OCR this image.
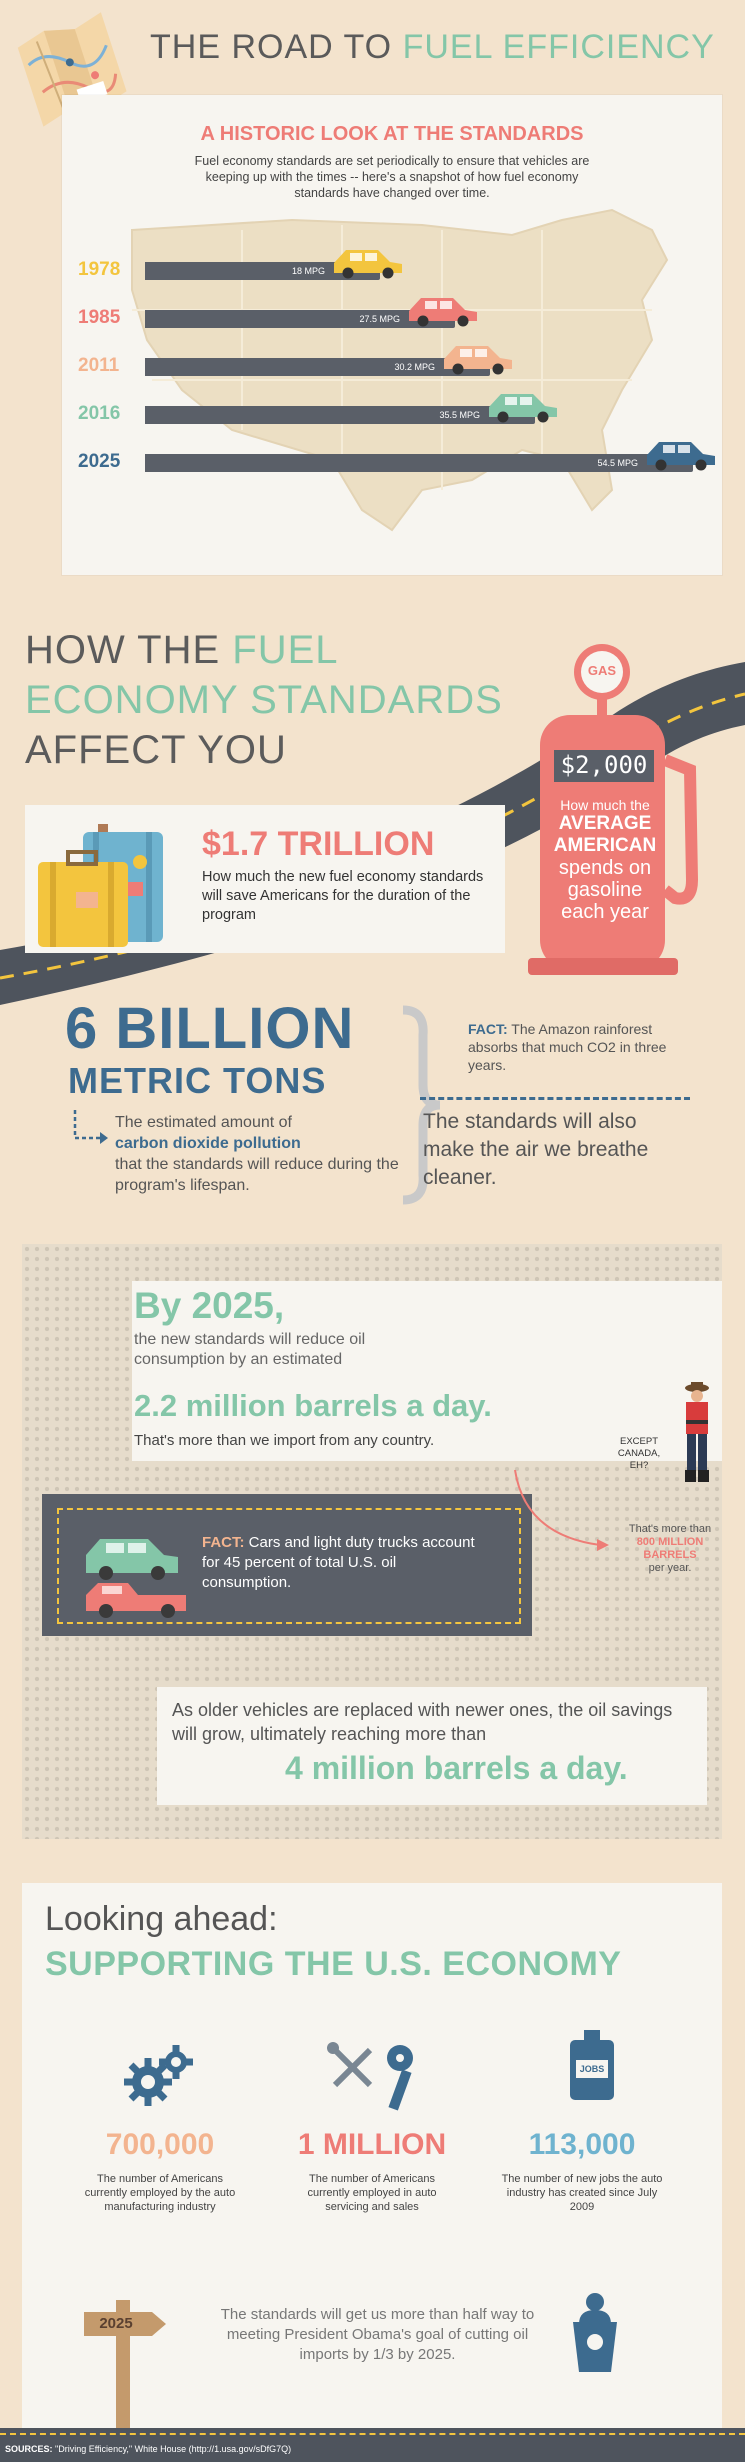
THE ROAD TO FUEL EFFICIENCY
A HISTORIC LOOK AT THE STANDARDS
Fuel economy standards are set periodically to ensure that vehicles are keeping up with the times -- here's a snapshot of how fuel economy standards have changed over time.
1978	18 MPG
1985	27.5 MPG
2011	30.2 MPG
2016	35.5 MPG
2025	54.5 MPG
HOW THE FUEL
ECONOMY STANDARDS
AFFECT YOU
$1.7 TRILLION
How much the new fuel economy standards will save Americans for the duration of the program
GAS
$2,000
How much the
AVERAGE
AMERICAN
spends on
gasoline
each year
6 BILLION
METRIC TONS
The estimated amount of
carbon dioxide pollution
that the standards will reduce during the program's lifespan.
FACT: The Amazon rainforest absorbs that much CO2 in three years.
The standards will also make the air we breathe cleaner.
By 2025,
the new standards will reduce oil consumption by an estimated
2.2 million barrels a day.
That's more than we import from any country.	EXCEPT CANADA, EH?
That's more than
800 MILLION BARRELS
per year.
FACT: Cars and light duty trucks account for 45 percent of total U.S. oil consumption.
As older vehicles are replaced with newer ones, the oil savings will grow, ultimately reaching more than
4 million barrels a day.
Looking ahead:
SUPPORTING THE U.S. ECONOMY
JOBS
700,000
The number of Americans currently employed by the auto manufacturing industry
1 MILLION
The number of Americans currently employed in auto servicing and sales
113,000
The number of new jobs the auto industry has created since July 2009
2025
The standards will get us more than half way to meeting President Obama's goal of cutting oil imports by 1/3 by 2025.
SOURCES: "Driving Efficiency," White House (http://1.usa.gov/sDfG7Q)
